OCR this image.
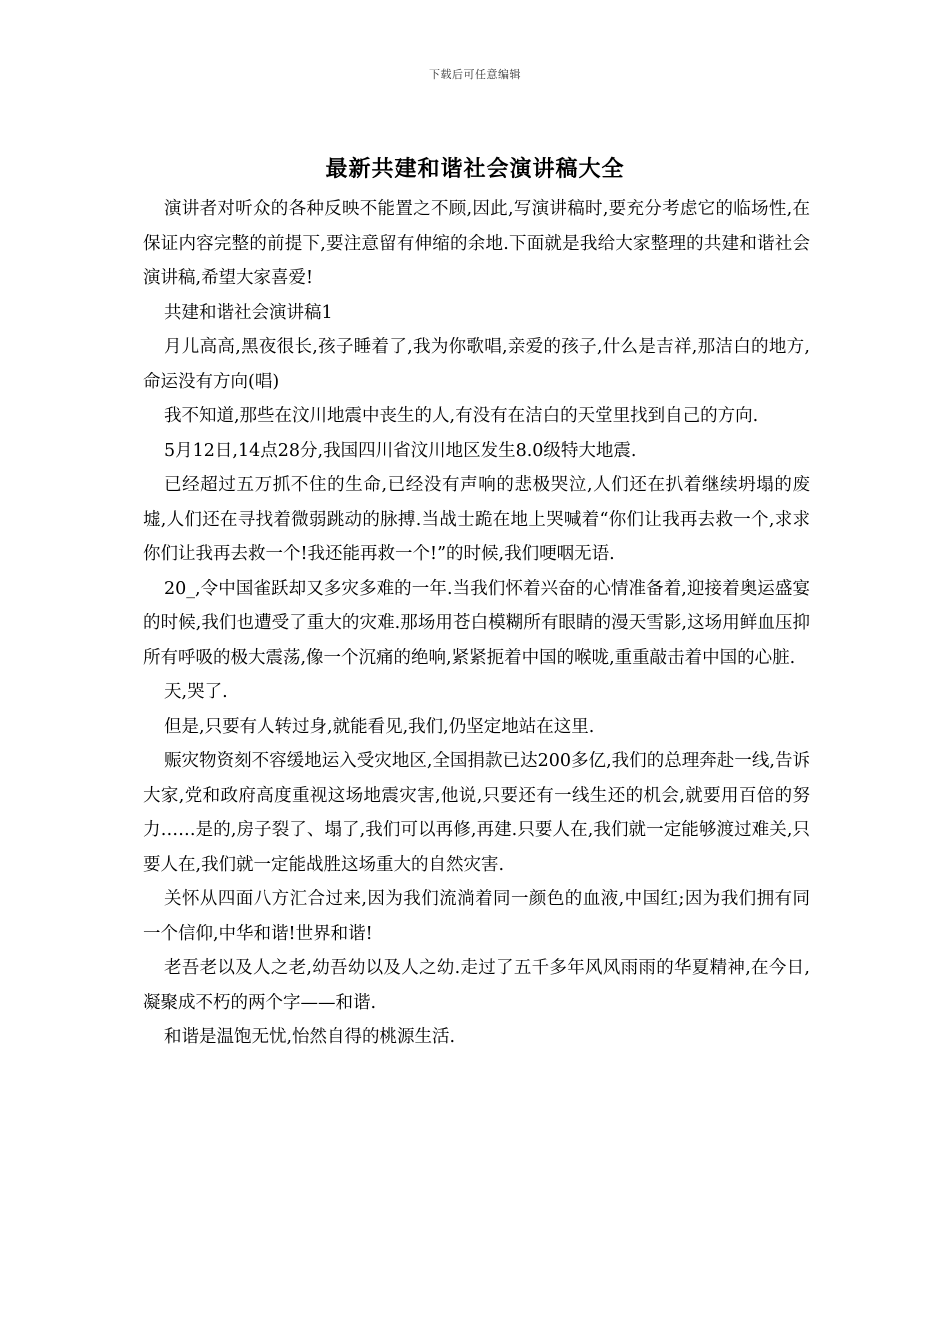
下载后可任意编辑
最新共建和谐社会演讲稿大全

演讲者对听众的各种反映不能置之不顾,因此,写演讲稿时,要充分考虑它的临场性,在保证内容完整的前提下,要注意留有伸缩的余地.下面就是我给大家整理的共建和谐社会演讲稿,希望大家喜爱!

共建和谐社会演讲稿1

月儿高高,黑夜很长,孩子睡着了,我为你歌唱,亲爱的孩子,什么是吉祥,那洁白的地方,命运没有方向(唱)

我不知道,那些在汶川地震中丧生的人,有没有在洁白的天堂里找到自己的方向.

5月12日,14点28分,我国四川省汶川地区发生8.0级特大地震.

已经超过五万抓不住的生命,已经没有声响的悲极哭泣,人们还在扒着继续坍塌的废墟,人们还在寻找着微弱跳动的脉搏.当战士跪在地上哭喊着“你们让我再去救一个,求求你们让我再去救一个!我还能再救一个!”的时候,我们哽咽无语.

20_,令中国雀跃却又多灾多难的一年.当我们怀着兴奋的心情准备着,迎接着奥运盛宴的时候,我们也遭受了重大的灾难.那场用苍白模糊所有眼睛的漫天雪影,这场用鲜血压抑所有呼吸的极大震荡,像一个沉痛的绝响,紧紧扼着中国的喉咙,重重敲击着中国的心脏.

天,哭了.

但是,只要有人转过身,就能看见,我们,仍坚定地站在这里.

赈灾物资刻不容缓地运入受灾地区,全国捐款已达200多亿,我们的总理奔赴一线,告诉大家,党和政府高度重视这场地震灾害,他说,只要还有一线生还的机会,就要用百倍的努力……是的,房子裂了、塌了,我们可以再修,再建.只要人在,我们就一定能够渡过难关,只要人在,我们就一定能战胜这场重大的自然灾害.

关怀从四面八方汇合过来,因为我们流淌着同一颜色的血液,中国红;因为我们拥有同一个信仰,中华和谐!世界和谐!

老吾老以及人之老,幼吾幼以及人之幼.走过了五千多年风风雨雨的华夏精神,在今日,凝聚成不朽的两个字——和谐.

和谐是温饱无忧,怡然自得的桃源生活.
